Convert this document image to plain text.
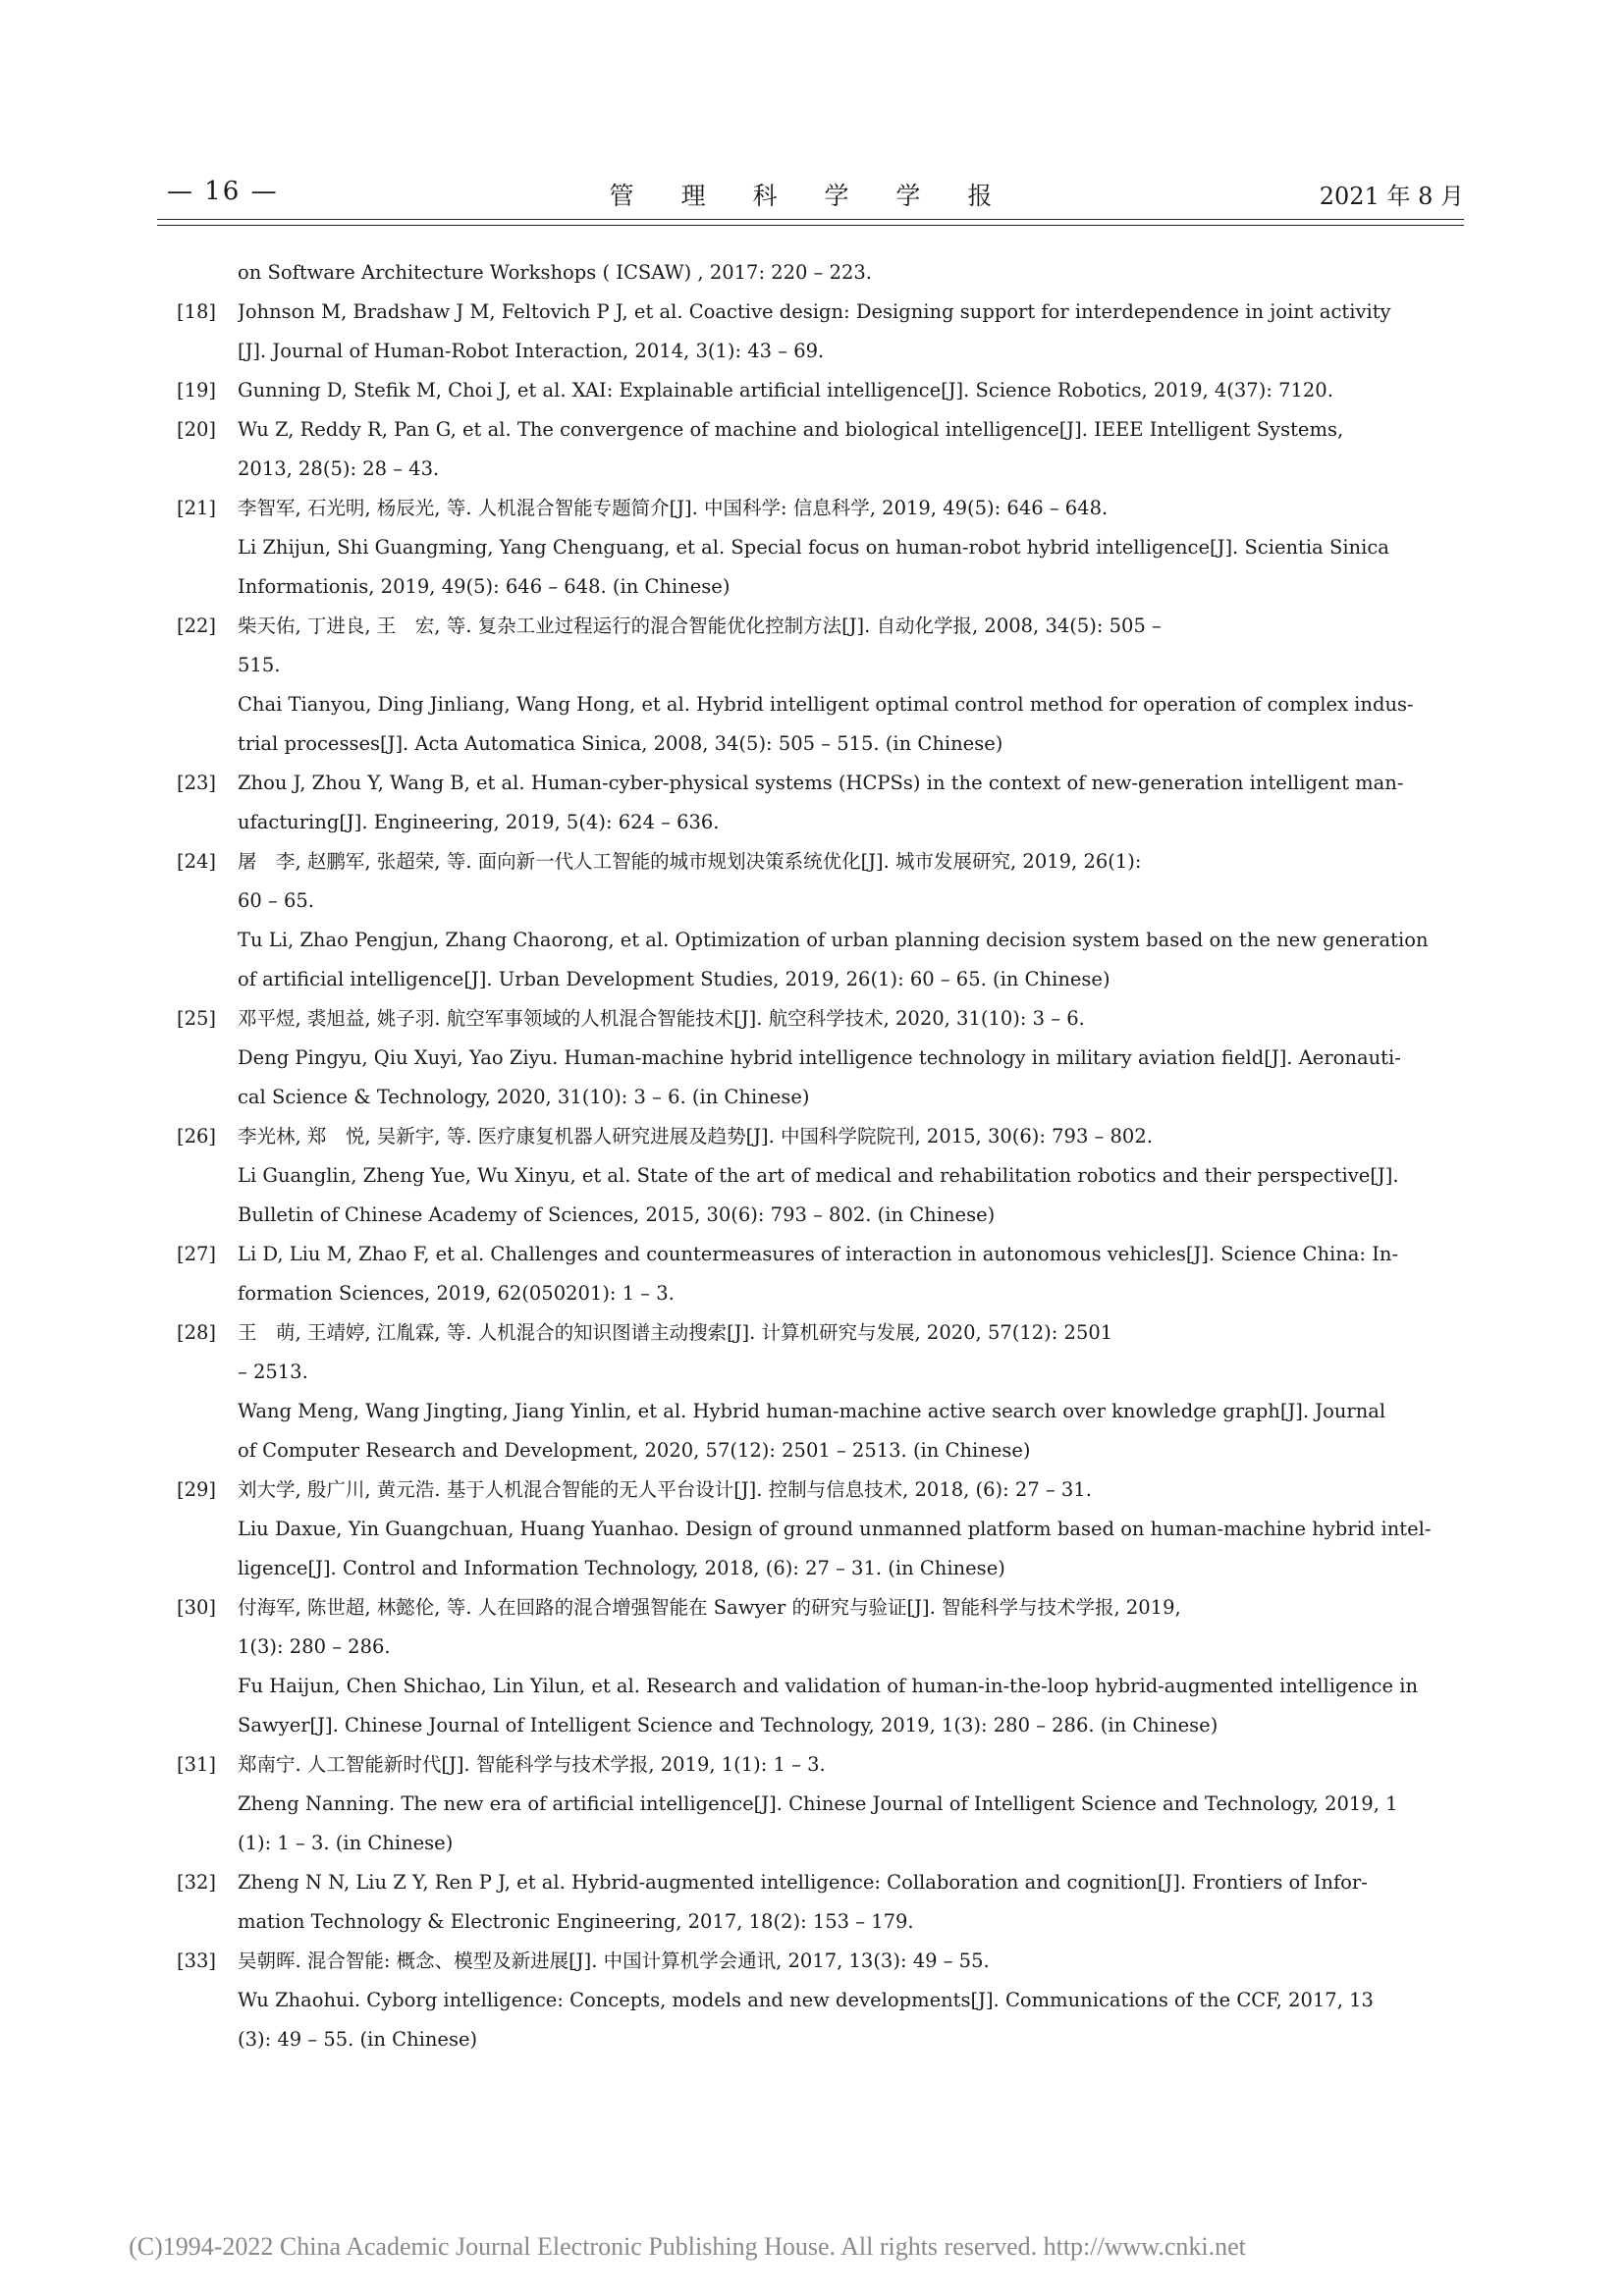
— 16 —	管 理 科 学 学 报	2021 年 8 月
on Software Architecture Workshops ( ICSAW) , 2017: 220 – 223.
[18]	Johnson M, Bradshaw J M, Feltovich P J, et al. Coactive design: Designing support for interdependence in joint activity
[J]. Journal of Human-Robot Interaction, 2014, 3(1): 43 – 69.
[19]	Gunning D, Stefik M, Choi J, et al. XAI: Explainable artificial intelligence[J]. Science Robotics, 2019, 4(37): 7120.
[20]	Wu Z, Reddy R, Pan G, et al. The convergence of machine and biological intelligence[J]. IEEE Intelligent Systems,
2013, 28(5): 28 – 43.
[21]	李智军, 石光明, 杨辰光, 等. 人机混合智能专题简介[J]. 中国科学: 信息科学, 2019, 49(5): 646 – 648.
Li Zhijun, Shi Guangming, Yang Chenguang, et al. Special focus on human-robot hybrid intelligence[J]. Scientia Sinica
Informationis, 2019, 49(5): 646 – 648. (in Chinese)
[22]	柴天佑, 丁进良, 王　宏, 等. 复杂工业过程运行的混合智能优化控制方法[J]. 自动化学报, 2008, 34(5): 505 –
515.
Chai Tianyou, Ding Jinliang, Wang Hong, et al. Hybrid intelligent optimal control method for operation of complex indus-
trial processes[J]. Acta Automatica Sinica, 2008, 34(5): 505 – 515. (in Chinese)
[23]	Zhou J, Zhou Y, Wang B, et al. Human-cyber-physical systems (HCPSs) in the context of new-generation intelligent man-
ufacturing[J]. Engineering, 2019, 5(4): 624 – 636.
[24]	屠　李, 赵鹏军, 张超荣, 等. 面向新一代人工智能的城市规划决策系统优化[J]. 城市发展研究, 2019, 26(1):
60 – 65.
Tu Li, Zhao Pengjun, Zhang Chaorong, et al. Optimization of urban planning decision system based on the new generation
of artificial intelligence[J]. Urban Development Studies, 2019, 26(1): 60 – 65. (in Chinese)
[25]	邓平煜, 裘旭益, 姚子羽. 航空军事领域的人机混合智能技术[J]. 航空科学技术, 2020, 31(10): 3 – 6.
Deng Pingyu, Qiu Xuyi, Yao Ziyu. Human-machine hybrid intelligence technology in military aviation field[J]. Aeronauti-
cal Science & Technology, 2020, 31(10): 3 – 6. (in Chinese)
[26]	李光林, 郑　悦, 吴新宇, 等. 医疗康复机器人研究进展及趋势[J]. 中国科学院院刊, 2015, 30(6): 793 – 802.
Li Guanglin, Zheng Yue, Wu Xinyu, et al. State of the art of medical and rehabilitation robotics and their perspective[J].
Bulletin of Chinese Academy of Sciences, 2015, 30(6): 793 – 802. (in Chinese)
[27]	Li D, Liu M, Zhao F, et al. Challenges and countermeasures of interaction in autonomous vehicles[J]. Science China: In-
formation Sciences, 2019, 62(050201): 1 – 3.
[28]	王　萌, 王靖婷, 江胤霖, 等. 人机混合的知识图谱主动搜索[J]. 计算机研究与发展, 2020, 57(12): 2501
– 2513.
Wang Meng, Wang Jingting, Jiang Yinlin, et al. Hybrid human-machine active search over knowledge graph[J]. Journal
of Computer Research and Development, 2020, 57(12): 2501 – 2513. (in Chinese)
[29]	刘大学, 殷广川, 黄元浩. 基于人机混合智能的无人平台设计[J]. 控制与信息技术, 2018, (6): 27 – 31.
Liu Daxue, Yin Guangchuan, Huang Yuanhao. Design of ground unmanned platform based on human-machine hybrid intel-
ligence[J]. Control and Information Technology, 2018, (6): 27 – 31. (in Chinese)
[30]	付海军, 陈世超, 林懿伦, 等. 人在回路的混合增强智能在 Sawyer 的研究与验证[J]. 智能科学与技术学报, 2019,
1(3): 280 – 286.
Fu Haijun, Chen Shichao, Lin Yilun, et al. Research and validation of human-in-the-loop hybrid-augmented intelligence in
Sawyer[J]. Chinese Journal of Intelligent Science and Technology, 2019, 1(3): 280 – 286. (in Chinese)
[31]	郑南宁. 人工智能新时代[J]. 智能科学与技术学报, 2019, 1(1): 1 – 3.
Zheng Nanning. The new era of artificial intelligence[J]. Chinese Journal of Intelligent Science and Technology, 2019, 1
(1): 1 – 3. (in Chinese)
[32]	Zheng N N, Liu Z Y, Ren P J, et al. Hybrid-augmented intelligence: Collaboration and cognition[J]. Frontiers of Infor-
mation Technology & Electronic Engineering, 2017, 18(2): 153 – 179.
[33]	吴朝晖. 混合智能: 概念、模型及新进展[J]. 中国计算机学会通讯, 2017, 13(3): 49 – 55.
Wu Zhaohui. Cyborg intelligence: Concepts, models and new developments[J]. Communications of the CCF, 2017, 13
(3): 49 – 55. (in Chinese)
(C)1994-2022 China Academic Journal Electronic Publishing House. All rights reserved. http://www.cnki.net
